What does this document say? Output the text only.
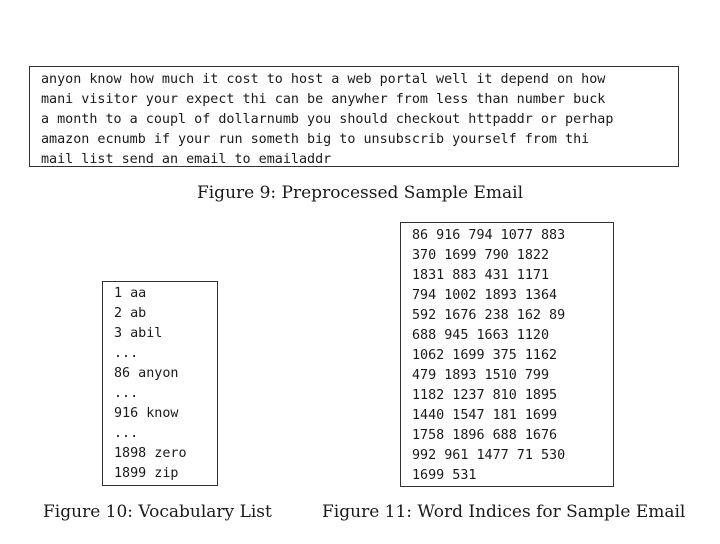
anyon know how much it cost to host a web portal well it depend on how
mani visitor your expect thi can be anywher from less than number buck
a month to a coupl of dollarnumb you should checkout httpaddr or perhap
amazon ecnumb if your run someth big to unsubscrib yourself from thi
mail list send an email to emailaddr
Figure 9: Preprocessed Sample Email
1 aa
2 ab
3 abil
...
86 anyon
...
916 know
...
1898 zero
1899 zip
86 916 794 1077 883
370 1699 790 1822
1831 883 431 1171
794 1002 1893 1364
592 1676 238 162 89
688 945 1663 1120
1062 1699 375 1162
479 1893 1510 799
1182 1237 810 1895
1440 1547 181 1699
1758 1896 688 1676
992 961 1477 71 530
1699 531
Figure 10: Vocabulary List	Figure 11: Word Indices for Sample Email
